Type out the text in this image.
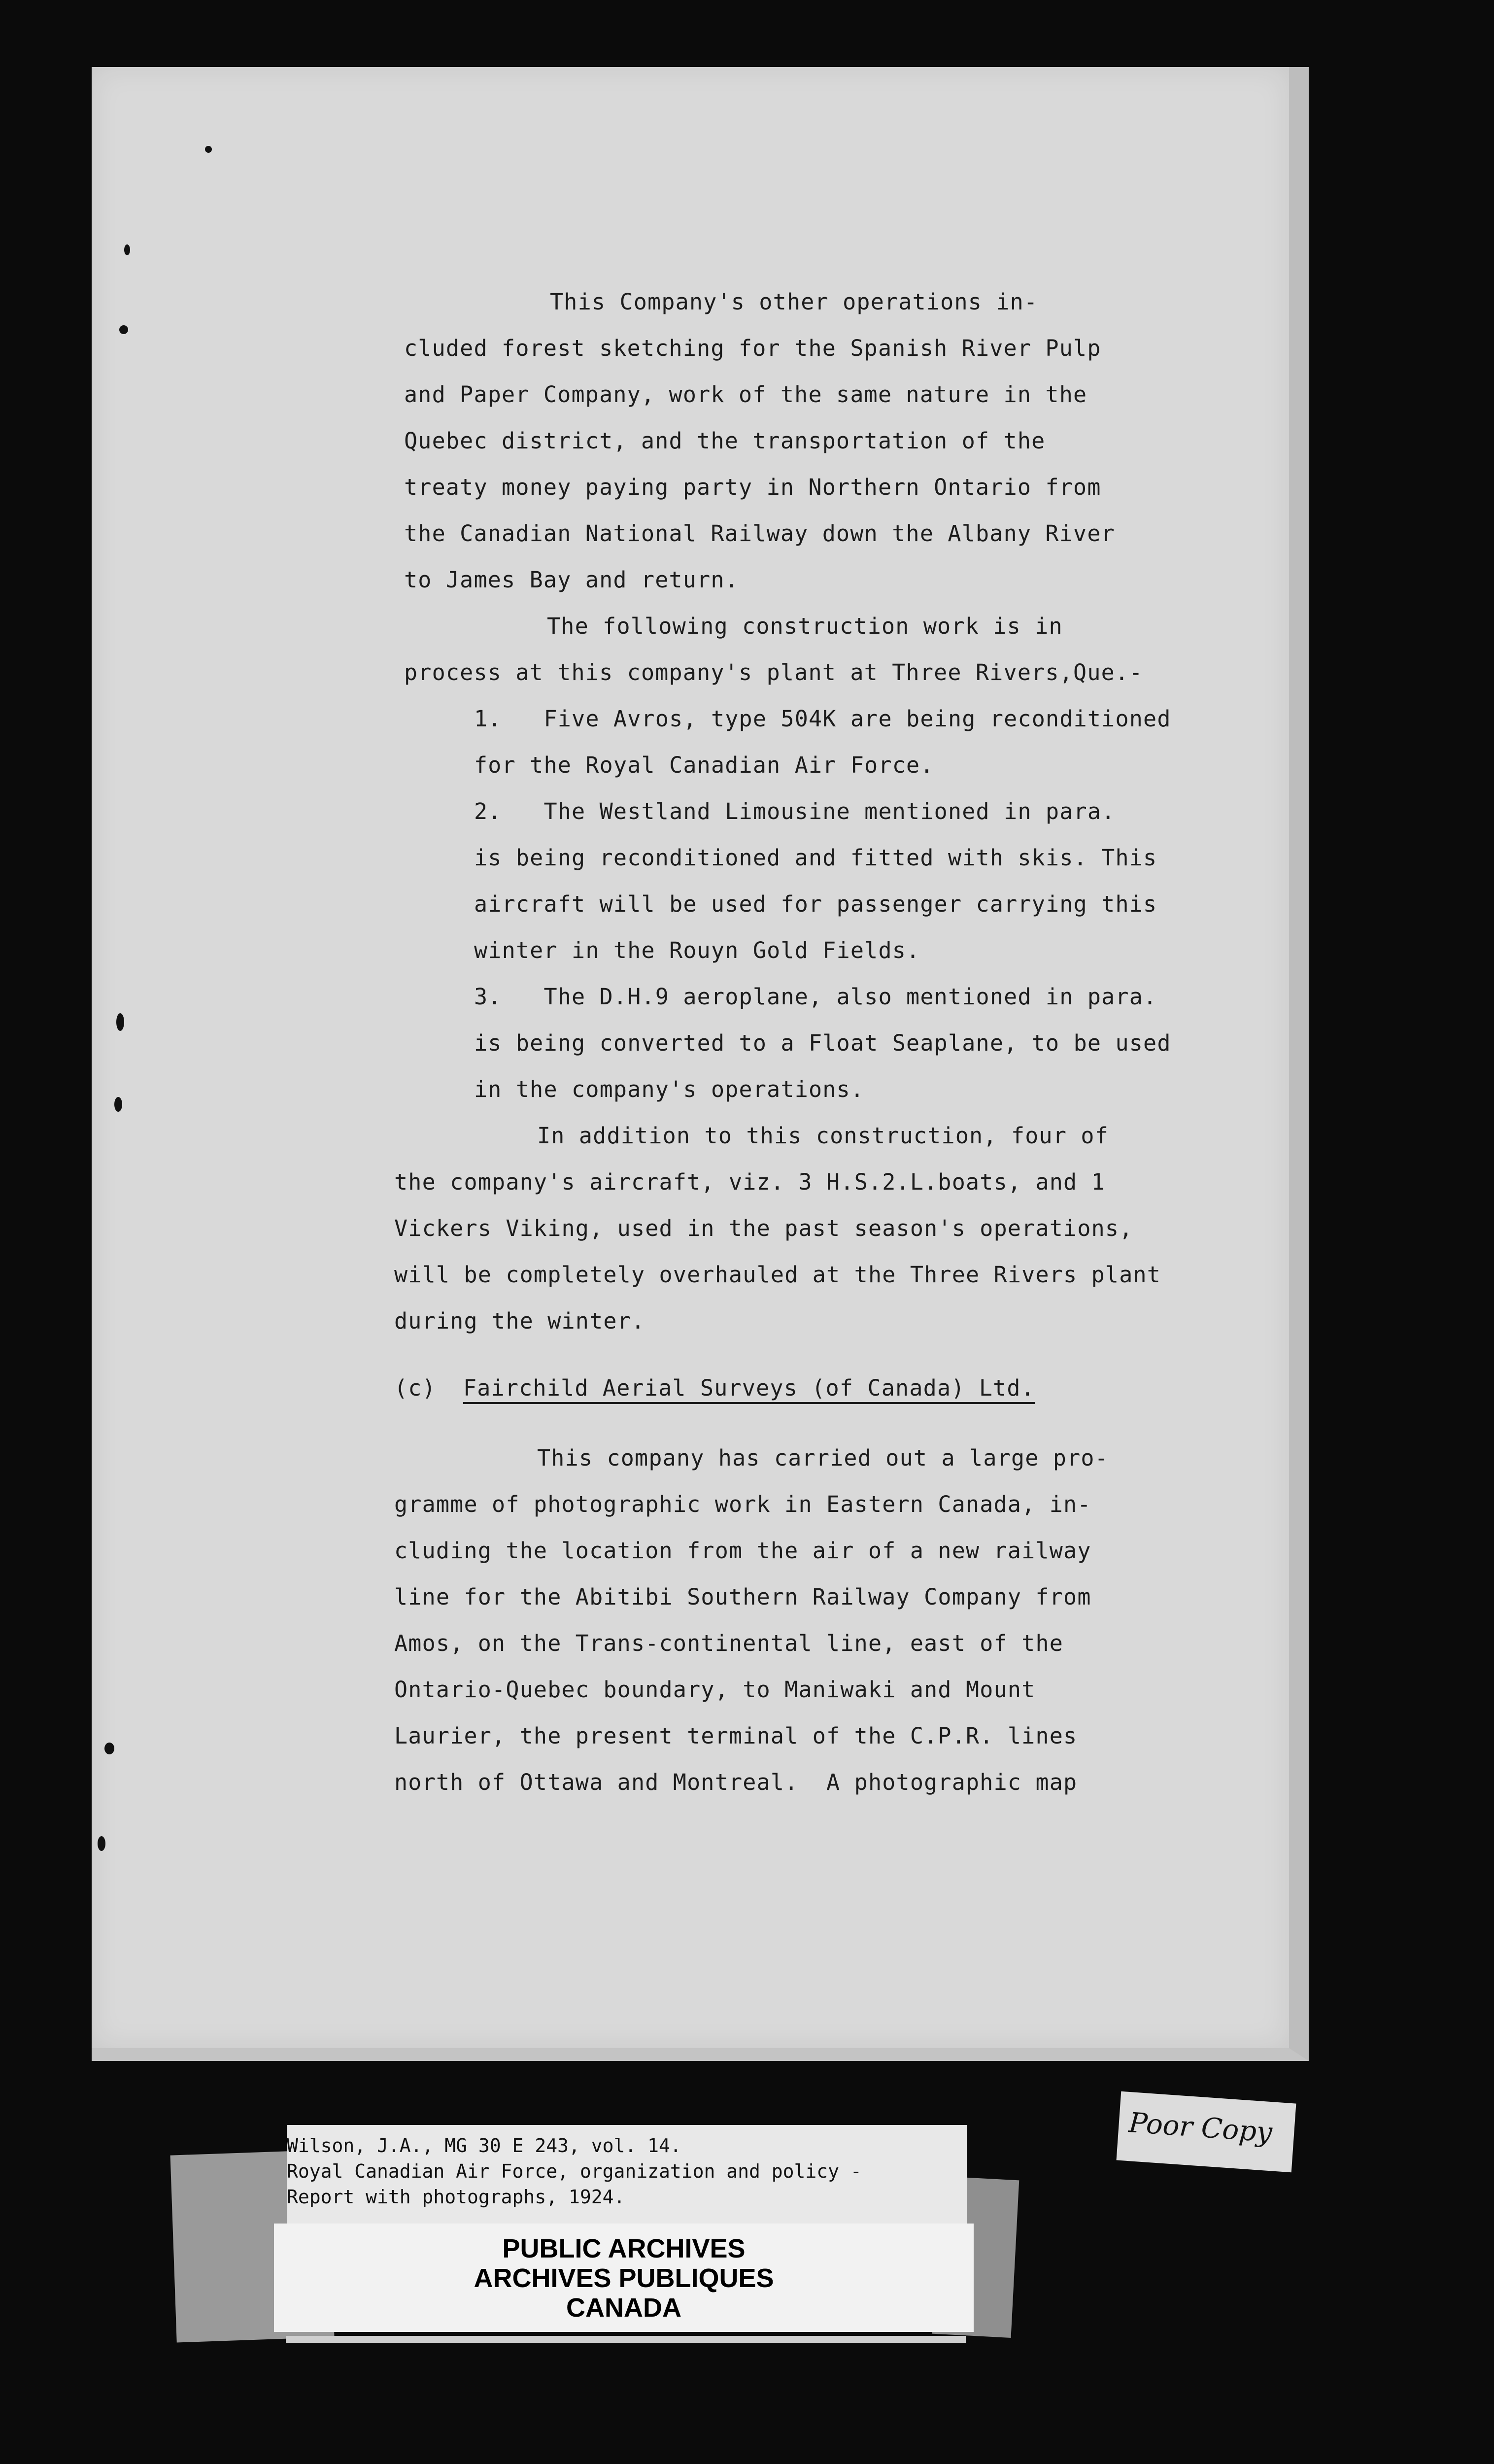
This Company's other operations in-
cluded forest sketching for the Spanish River Pulp
and Paper Company, work of the same nature in the
Quebec district, and the transportation of the
treaty money paying party in Northern Ontario from
the Canadian National Railway down the Albany River
to James Bay and return.
The following construction work is in
process at this company's plant at Three Rivers,Que.-
1.   Five Avros, type 504K are being reconditioned
for the Royal Canadian Air Force.
2.   The Westland Limousine mentioned in para.
is being reconditioned and fitted with skis. This
aircraft will be used for passenger carrying this
winter in the Rouyn Gold Fields.
3.   The D.H.9 aeroplane, also mentioned in para.
is being converted to a Float Seaplane, to be used
in the company's operations.
In addition to this construction, four of
the company's aircraft, viz. 3 H.S.2.L.boats, and 1
Vickers Viking, used in the past season's operations,
will be completely overhauled at the Three Rivers plant
during the winter.
(c) Fairchild Aerial Surveys (of Canada) Ltd.
This company has carried out a large pro-
gramme of photographic work in Eastern Canada, in-
cluding the location from the air of a new railway
line for the Abitibi Southern Railway Company from
Amos, on the Trans-continental line, east of the
Ontario-Quebec boundary, to Maniwaki and Mount
Laurier, the present terminal of the C.P.R. lines
north of Ottawa and Montreal.  A photographic map
Wilson, J.A., MG 30 E 243, vol. 14.
Royal Canadian Air Force, organization and policy -
Report with photographs, 1924.
PUBLIC ARCHIVES
ARCHIVES PUBLIQUES
CANADA
Poor Copy
